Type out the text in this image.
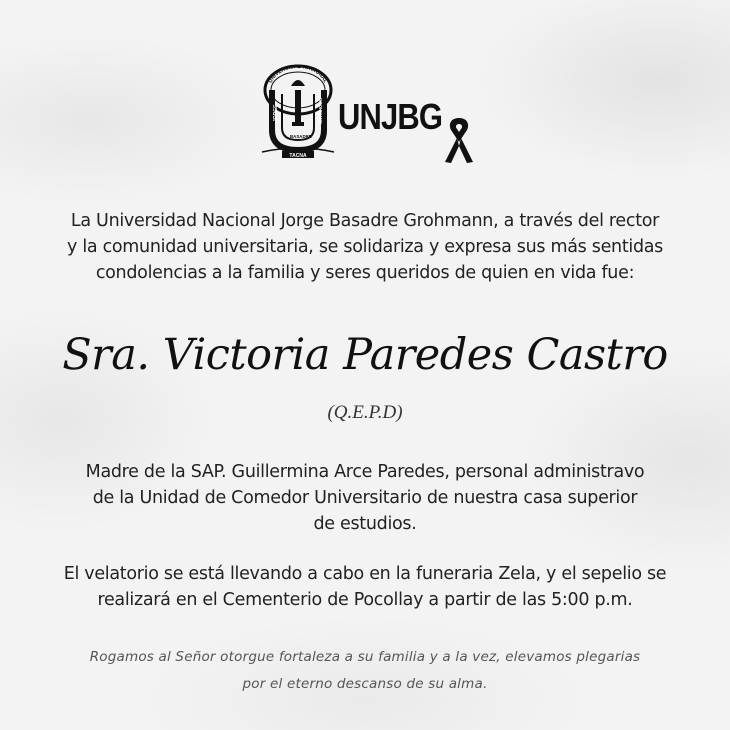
UNIVERSIDAD NACIONAL
JORGE
BASADRE
GROHMANN
TACNA
UNJBG
La Universidad Nacional Jorge Basadre Grohmann, a través del rector
y la comunidad universitaria, se solidariza y expresa sus más sentidas
condolencias a la familia y seres queridos de quien en vida fue:
Sra. Victoria Paredes Castro
(Q.E.P.D)
Madre de la SAP. Guillermina Arce Paredes, personal administravo
de la Unidad de Comedor Universitario de nuestra casa superior
de estudios.
El velatorio se está llevando a cabo en la funeraria Zela, y el sepelio se
realizará en el Cementerio de Pocollay a partir de las 5:00 p.m.
Rogamos al Señor otorgue fortaleza a su familia y a la vez, elevamos plegarias
por el eterno descanso de su alma.
